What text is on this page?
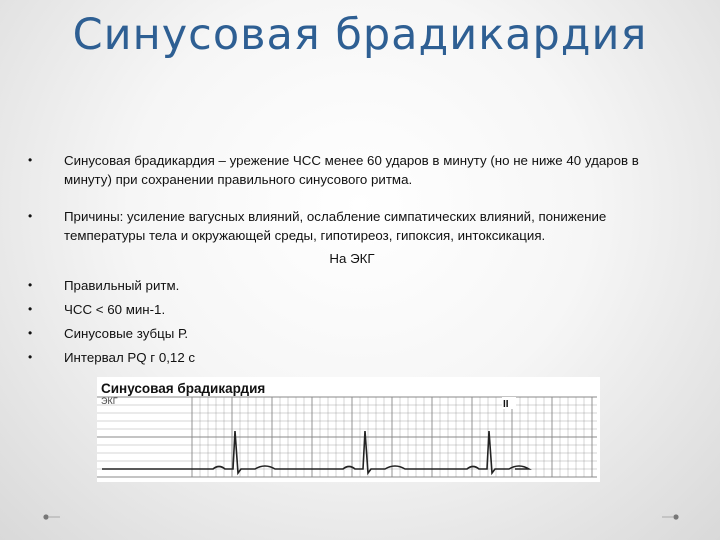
Синусовая брадикардия
• Синусовая брадикардия – урежение ЧСС менее 60 ударов в минуту (но не ниже 40 ударов в минуту) при сохранении правильного синусового ритма.
• Причины: усиление вагусных влияний, ослабление симпатических влияний, понижение температуры тела и окружающей среды, гипотиреоз, гипоксия, интоксикация.
На ЭКГ
• Правильный ритм.
• ЧСС < 60 мин-1.
• Синусовые зубцы Р.
• Интервал PQ г 0,12 с
Синусовая брадикардия
ЭКГ	II
